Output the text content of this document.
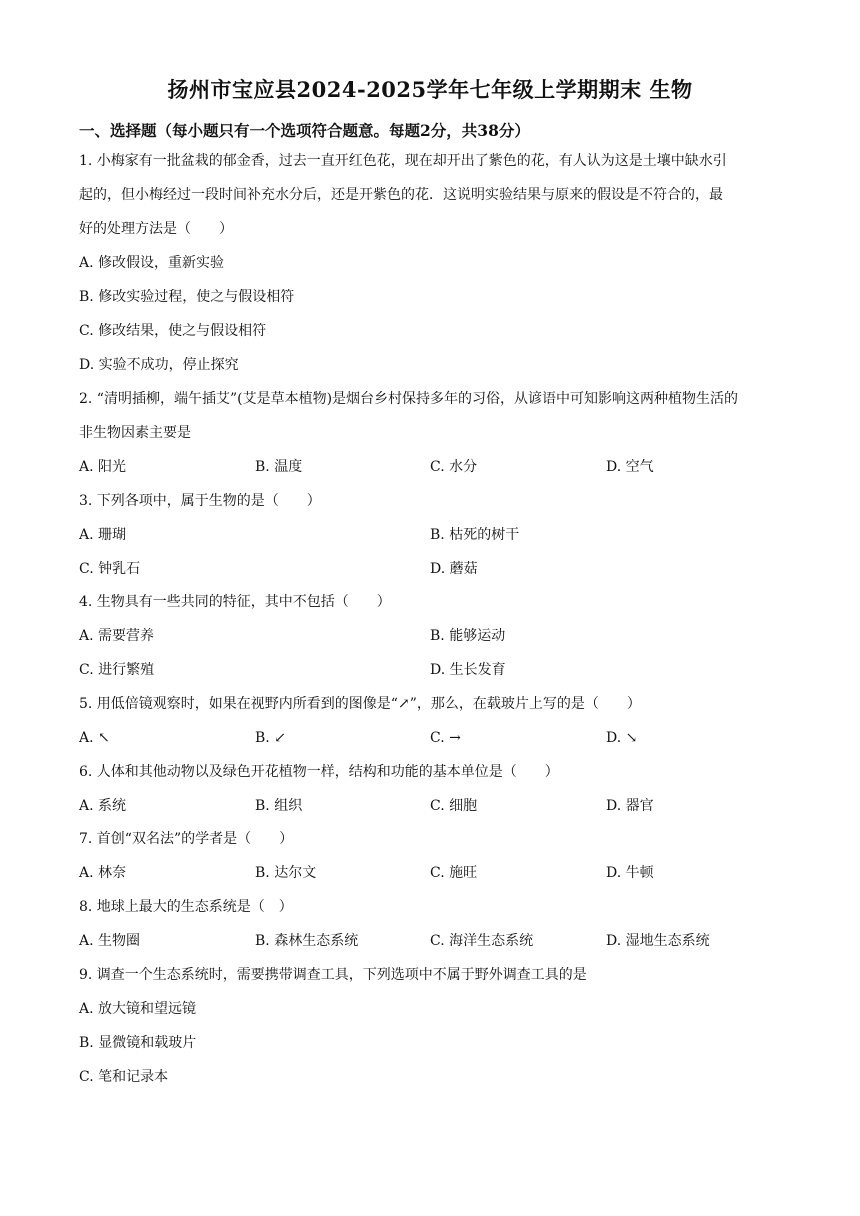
扬州市宝应县2024-2025学年七年级上学期期末 生物
一、选择题（每小题只有一个选项符合题意。每题2分，共38分）
1. 小梅家有一批盆栽的郁金香，过去一直开红色花，现在却开出了紫色的花，有人认为这是土壤中缺水引
起的，但小梅经过一段时间补充水分后，还是开紫色的花．这说明实验结果与原来的假设是不符合的，最
好的处理方法是（　　）
A. 修改假设，重新实验
B. 修改实验过程，使之与假设相符
C. 修改结果，使之与假设相符
D. 实验不成功，停止探究
2. “清明插柳，端午插艾”(艾是草本植物)是烟台乡村保持多年的习俗，从谚语中可知影响这两种植物生活的
非生物因素主要是
A. 阳光	B. 温度	C. 水分	D. 空气
3. 下列各项中，属于生物的是（　　）
A. 珊瑚	B. 枯死的树干
C. 钟乳石	D. 蘑菇
4. 生物具有一些共同的特征，其中不包括（　　）
A. 需要营养	B. 能够运动
C. 进行繁殖	D. 生长发育
5. 用低倍镜观察时，如果在视野内所看到的图像是“↗”，那么，在载玻片上写的是（　　）
A. ↖	B. ↙	C. →	D. ↘
6. 人体和其他动物以及绿色开花植物一样，结构和功能的基本单位是（　　）
A. 系统	B. 组织	C. 细胞	D. 器官
7. 首创“双名法”的学者是（　　）
A. 林奈	B. 达尔文	C. 施旺	D. 牛顿
8. 地球上最大的生态系统是（　）
A. 生物圈	B. 森林生态系统	C. 海洋生态系统	D. 湿地生态系统
9. 调查一个生态系统时，需要携带调查工具，下列选项中不属于野外调查工具的是
A. 放大镜和望远镜
B. 显微镜和载玻片
C. 笔和记录本
